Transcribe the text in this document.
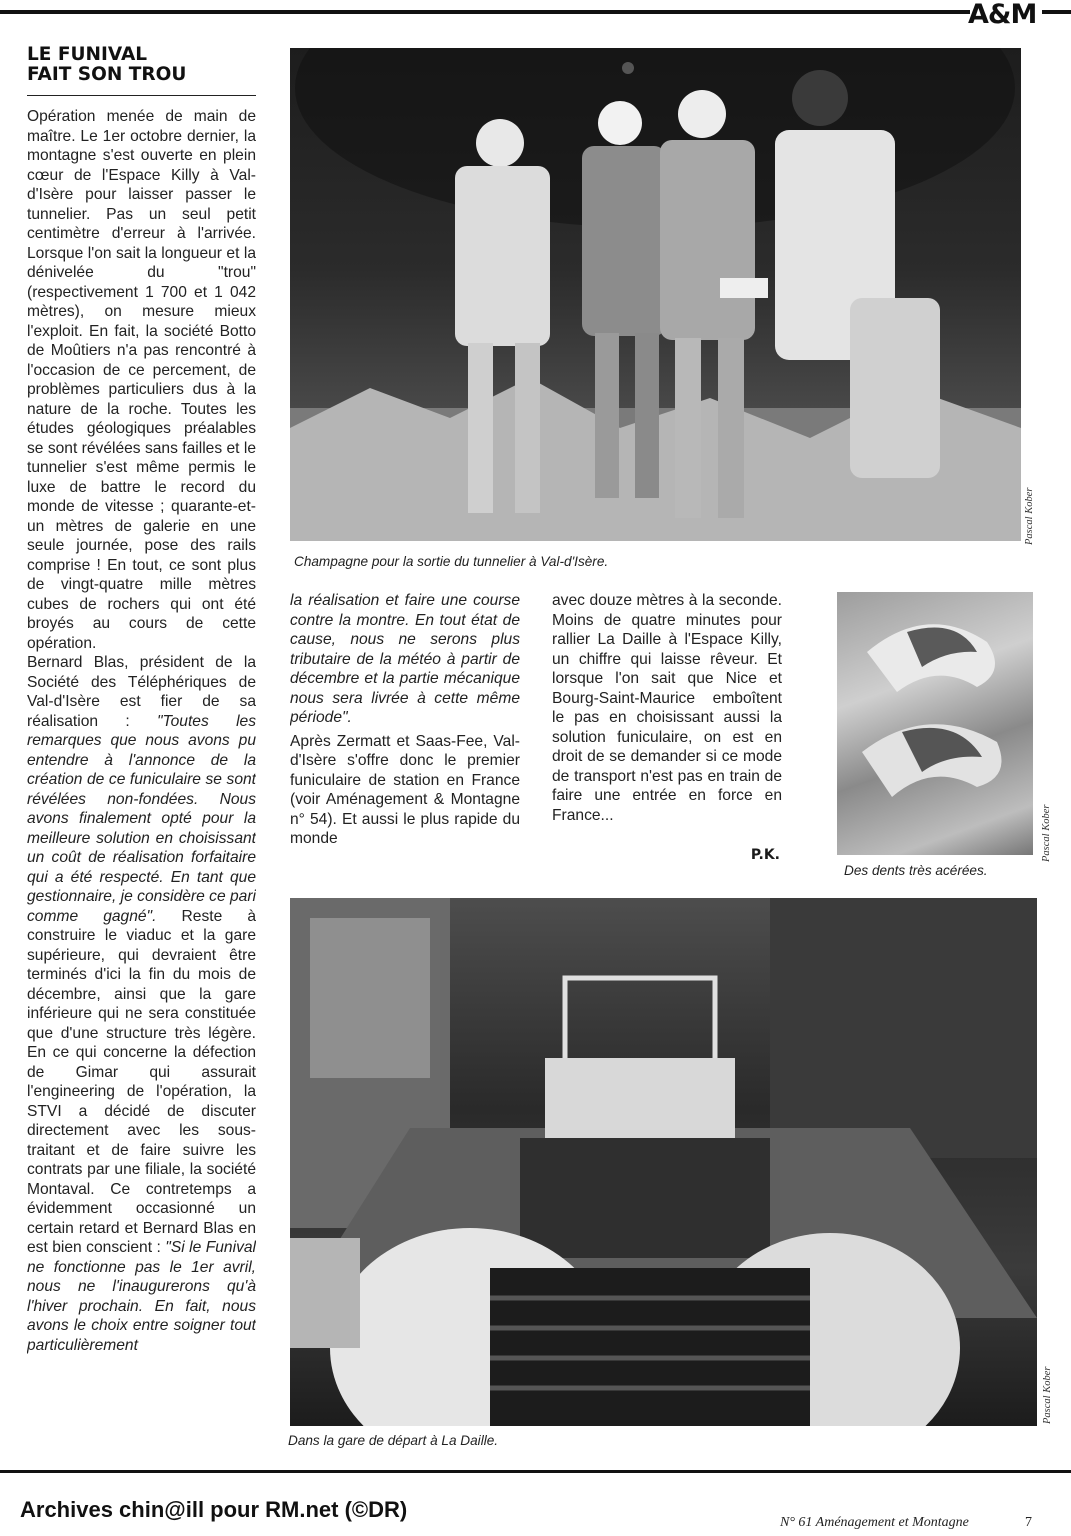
A&M
LE FUNIVAL
FAIT SON TROU

Opération menée de main de maître. Le 1er octobre dernier, la montagne s'est ouverte en plein cœur de l'Espace Killy à Val-d'Isère pour laisser passer le tunnelier. Pas un seul petit centimètre d'erreur à l'arrivée. Lorsque l'on sait la longueur et la dénivelée du "trou" (respectivement 1 700 et 1 042 mètres), on mesure mieux l'exploit. En fait, la société Botto de Moûtiers n'a pas rencontré à l'occasion de ce percement, de problèmes particuliers dus à la nature de la roche. Toutes les études géologiques préalables se sont révélées sans failles et le tunnelier s'est même permis le luxe de battre le record du monde de vitesse ; quarante-et-un mètres de galerie en une seule journée, pose des rails comprise ! En tout, ce sont plus de vingt-quatre mille mètres cubes de rochers qui ont été broyés au cours de cette opération.

Bernard Blas, président de la Société des Téléphériques de Val-d'Isère est fier de sa réalisation : "Toutes les remarques que nous avons pu entendre à l'annonce de la création de ce funiculaire se sont révélées non-fondées. Nous avons finalement opté pour la meilleure solution en choisissant un coût de réalisation forfaitaire qui a été respecté. En tant que gestionnaire, je considère ce pari comme gagné". Reste à construire le viaduc et la gare supérieure, qui devraient être terminés d'ici la fin du mois de décembre, ainsi que la gare inférieure qui ne sera constituée que d'une structure très légère. En ce qui concerne la défection de Gimar qui assurait l'engineering de l'opération, la STVI a décidé de discuter directement avec les sous-traitant et de faire suivre les contrats par une filiale, la société Montaval. Ce contretemps a évidemment occasionné un certain retard et Bernard Blas en est bien conscient : "Si le Funival ne fonctionne pas le 1er avril, nous ne l'inaugurerons qu'à l'hiver prochain. En fait, nous avons le choix entre soigner tout particulièrement

Champagne pour la sortie du tunnelier à Val-d'Isère.
Pascal Kober

la réalisation et faire une course contre la montre. En tout état de cause, nous ne serons plus tributaire de la météo à partir de décembre et la partie mécanique nous sera livrée à cette même période".

Après Zermatt et Saas-Fee, Val-d'Isère s'offre donc le premier funiculaire de station en France (voir Aménagement & Montagne n° 54). Et aussi le plus rapide du monde

avec douze mètres à la seconde. Moins de quatre minutes pour rallier La Daille à l'Espace Killy, un chiffre qui laisse rêveur. Et lorsque l'on sait que Nice et Bourg-Saint-Maurice emboîtent le pas en choisissant aussi la solution funiculaire, on est en droit de se demander si ce mode de transport n'est pas en train de faire une entrée en force en France...

P.K.
Des dents très acérées.
Pascal Kober
Dans la gare de départ à La Daille.
Pascal Kober
Archives chin@ill pour RM.net (©DR)
N° 61 Aménagement et Montagne	7
